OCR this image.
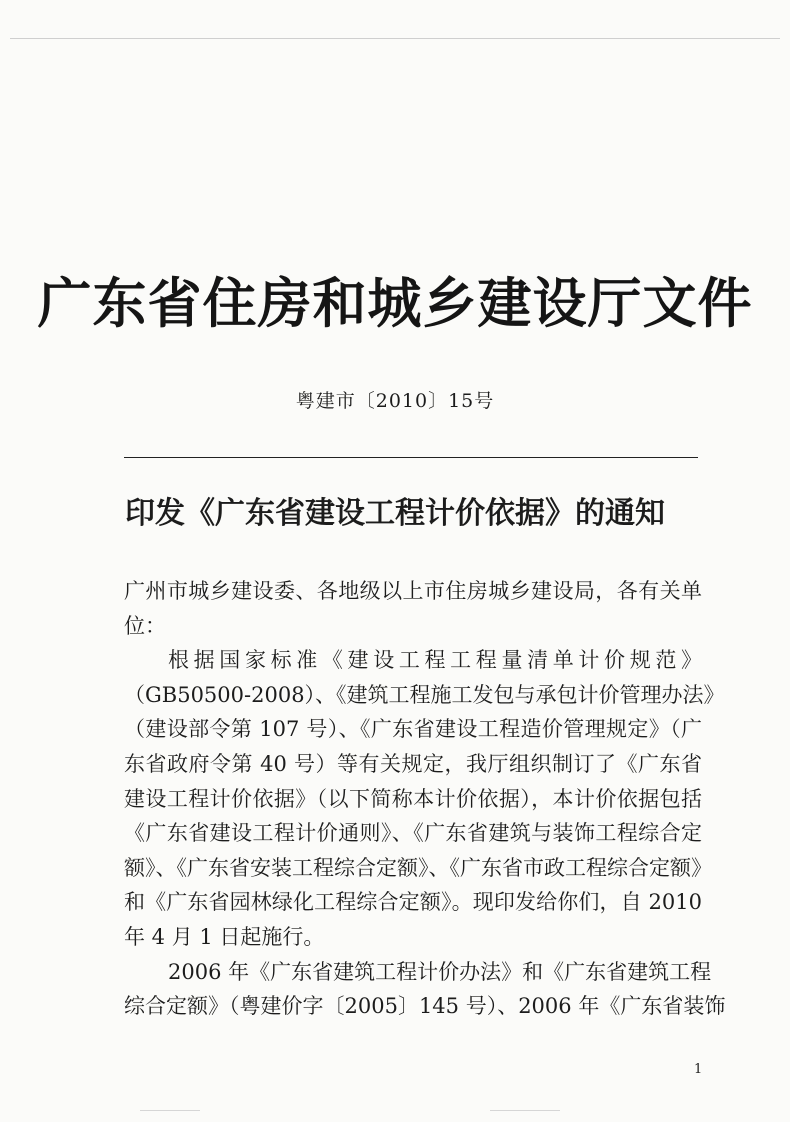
广东省住房和城乡建设厅文件
粤建市〔2010〕15号
印发《广东省建设工程计价依据》的通知
广州市城乡建设委、各地级以上市住房城乡建设局，各有关单
位：
根据国家标准《建设工程工程量清单计价规范》
（GB50500-2008）、《建筑工程施工发包与承包计价管理办法》
（建设部令第 107 号）、《广东省建设工程造价管理规定》（广
东省政府令第 40 号）等有关规定，我厅组织制订了《广东省
建设工程计价依据》（以下简称本计价依据），本计价依据包括
《广东省建设工程计价通则》、《广东省建筑与装饰工程综合定
额》、《广东省安装工程综合定额》、《广东省市政工程综合定额》
和《广东省园林绿化工程综合定额》。现印发给你们，自 2010
年 4 月 1 日起施行。
2006 年《广东省建筑工程计价办法》和《广东省建筑工程
综合定额》（粤建价字〔2005〕145 号）、2006 年《广东省装饰
1
